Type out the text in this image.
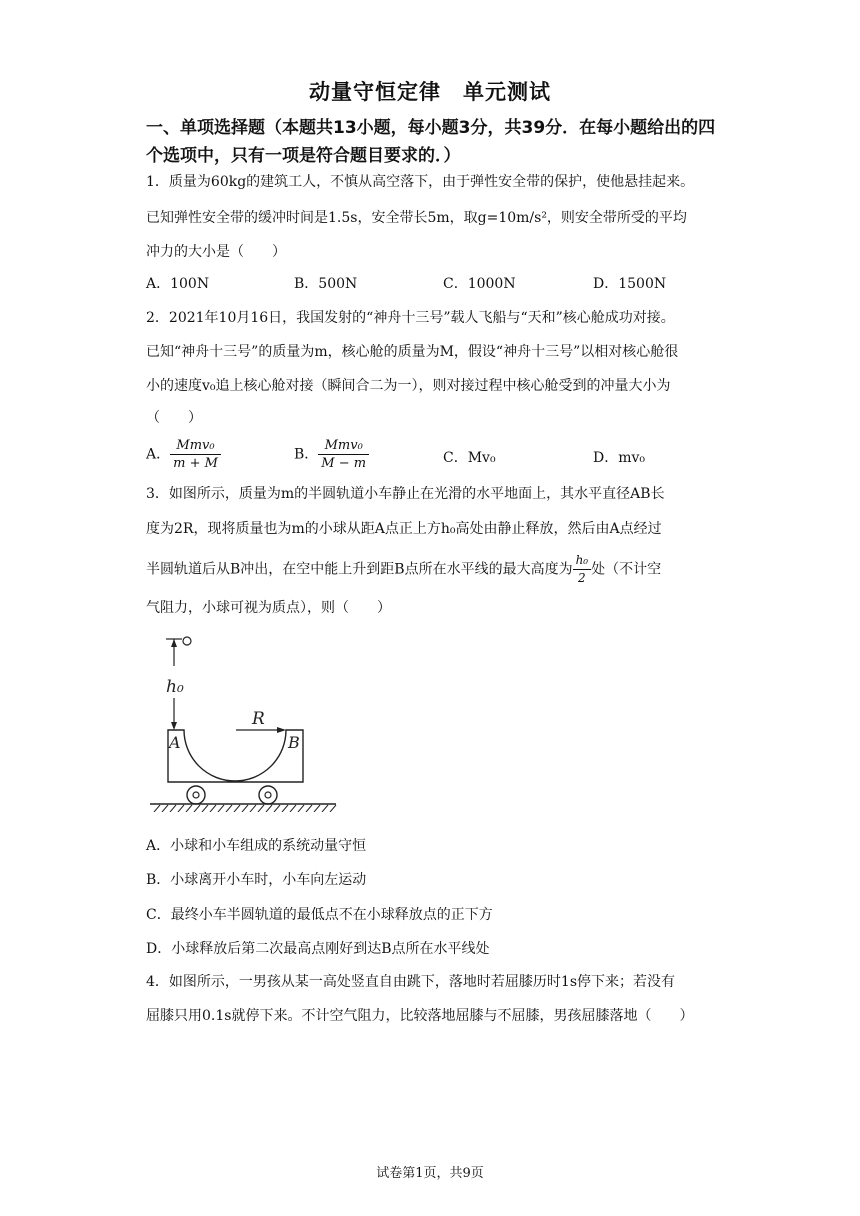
动量守恒定律　单元测试
一、单项选择题（本题共13小题，每小题3分，共39分．在每小题给出的四个选项中，只有一项是符合题目要求的．）
1．质量为60kg的建筑工人，不慎从高空落下，由于弹性安全带的保护，使他悬挂起来。
已知弹性安全带的缓冲时间是1.5s，安全带长5m，取g=10m/s²，则安全带所受的平均
冲力的大小是（　　）
A．100N	B．500N	C．1000N	D．1500N
2．2021年10月16日，我国发射的“神舟十三号”载人飞船与“天和”核心舱成功对接。
已知“神舟十三号”的质量为m，核心舱的质量为M，假设“神舟十三号”以相对核心舱很
小的速度v₀追上核心舱对接（瞬间合二为一），则对接过程中核心舱受到的冲量大小为
（　　）
A． $\frac{\text{Mmv₀}}{m + M}$	B． $\frac{\text{Mmv₀}}{M - m}$	C．Mv₀	D．mv₀
3．如图所示，质量为m的半圆轨道小车静止在光滑的水平地面上，其水平直径AB长
度为2R，现将质量也为m的小球从距A点正上方h₀高处由静止释放，然后由A点经过
半圆轨道后从B冲出，在空中能上升到距B点所在水平线的最大高度为 $\frac{\text{h₀}}{2}$ 处（不计空
气阻力，小球可视为质点），则（　　）
h₀
R
A	B
A．小球和小车组成的系统动量守恒
B．小球离开小车时，小车向左运动
C．最终小车半圆轨道的最低点不在小球释放点的正下方
D．小球释放后第二次最高点刚好到达B点所在水平线处
4．如图所示，一男孩从某一高处竖直自由跳下，落地时若屈膝历时1s停下来；若没有
屈膝只用0.1s就停下来。不计空气阻力，比较落地屈膝与不屈膝，男孩屈膝落地（　　）
试卷第1页，共9页
